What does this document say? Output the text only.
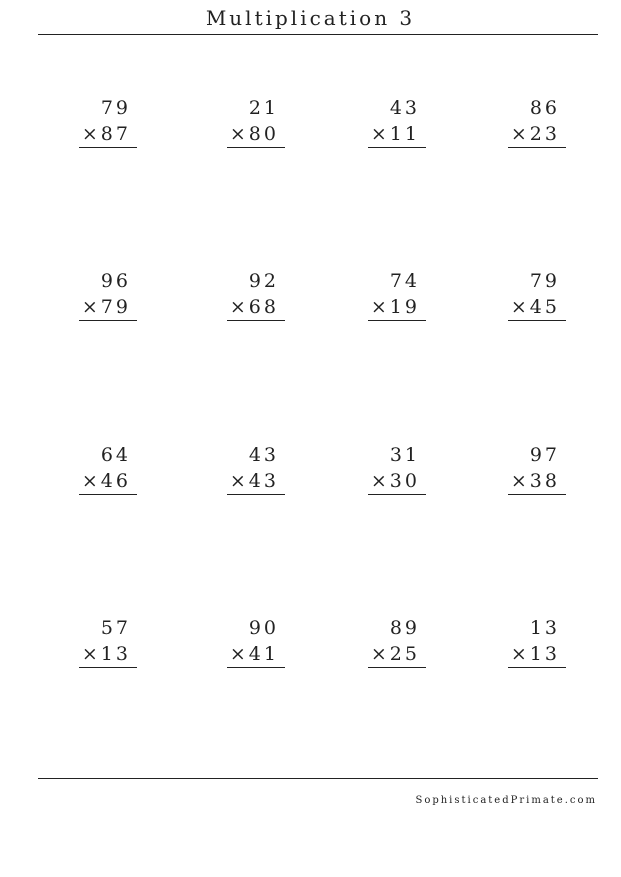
Multiplication 3
79
×87
21
×80
43
×11
86
×23
96
×79
92
×68
74
×19
79
×45
64
×46
43
×43
31
×30
97
×38
57
×13
90
×41
89
×25
13
×13
SophisticatedPrimate.com
